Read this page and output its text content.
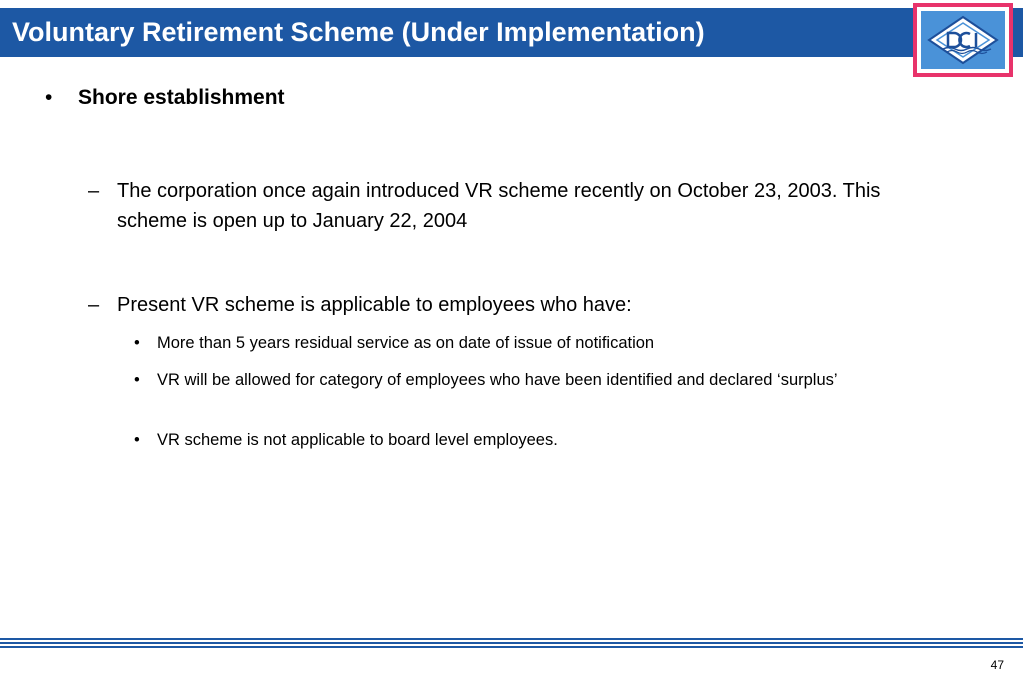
Voluntary Retirement Scheme (Under Implementation)
• Shore establishment
– The corporation once again introduced VR scheme recently on October 23, 2003. This scheme is open up to January 22, 2004
– Present VR scheme is applicable to employees who have:
• More than 5 years residual service as on date of issue of notification
• VR will be allowed for category of employees who have been identified and declared ‘surplus’
• VR scheme is not applicable to board level employees.
47
